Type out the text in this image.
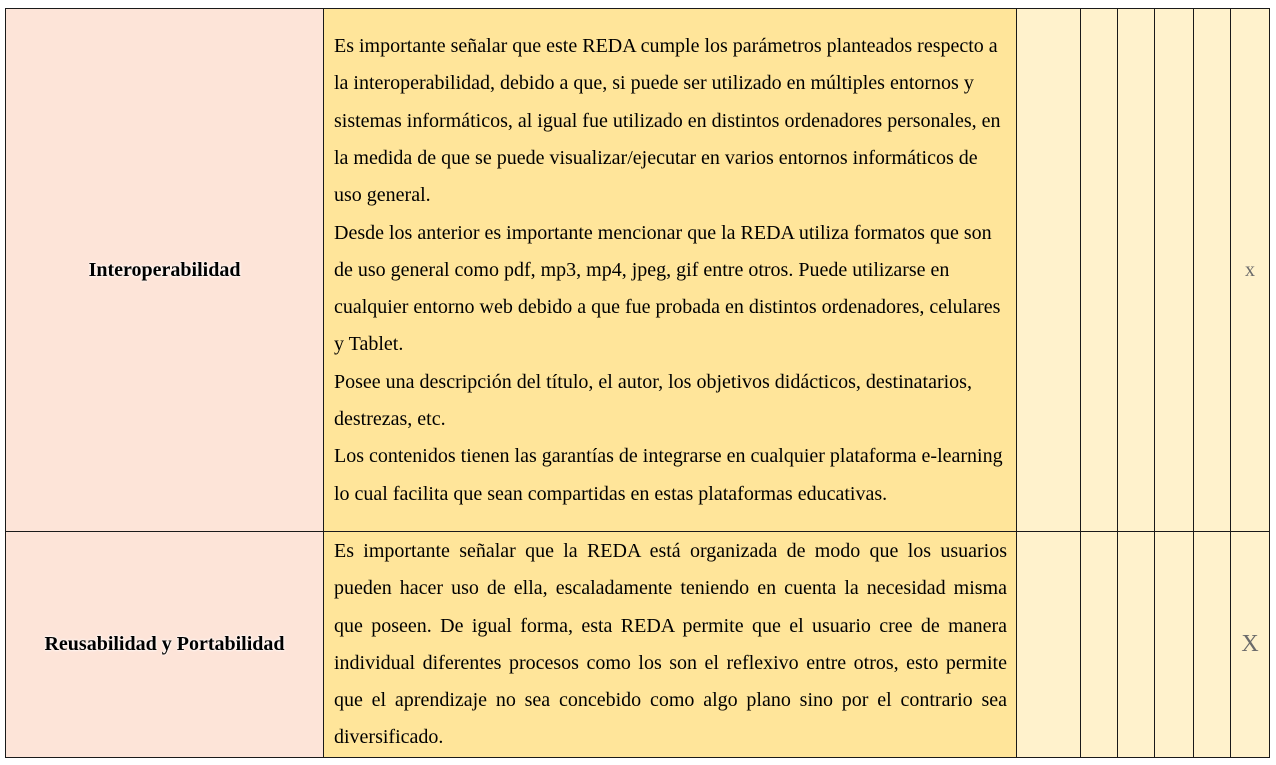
Interoperabilidad	Es importante señalar que este REDA cumple los parámetros planteados respecto a la interoperabilidad, debido a que, si puede ser utilizado en múltiples entornos y sistemas informáticos, al igual fue utilizado en distintos ordenadores personales, en la medida de que se puede visualizar/ejecutar en varios entornos informáticos de uso general.

Desde los anterior es importante mencionar que la REDA utiliza formatos que son de uso general como pdf, mp3, mp4, jpeg, gif entre otros. Puede utilizarse en cualquier entorno web debido a que fue probada en distintos ordenadores, celulares y Tablet.

Posee una descripción del título, el autor, los objetivos didácticos, destinatarios, destrezas, etc.

Los contenidos tienen las garantías de integrarse en cualquier plataforma e-learning lo cual facilita que sean compartidas en estas plataformas educativas.						x
Reusabilidad y Portabilidad	Es importante señalar que la REDA está organizada de modo que los usuarios pueden hacer uso de ella, escaladamente teniendo en cuenta la necesidad misma que poseen. De igual forma, esta REDA permite que el usuario cree de manera individual diferentes procesos como los son el reflexivo entre otros, esto permite que el aprendizaje no sea concebido como algo plano sino por el contrario sea diversificado.						X
